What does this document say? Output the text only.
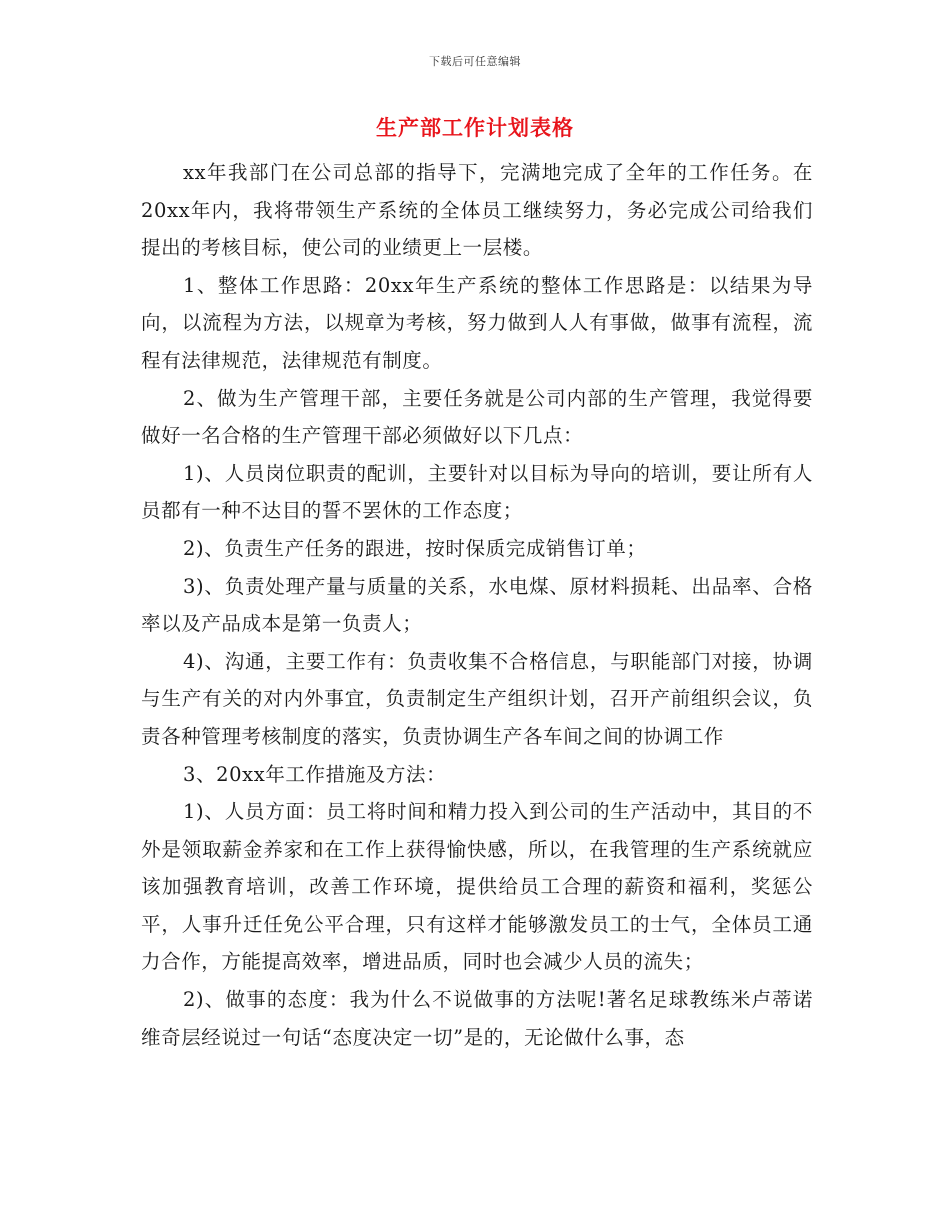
下载后可任意编辑
生产部工作计划表格

xx年我部门在公司总部的指导下，完满地完成了全年的工作任务。在20xx年内，我将带领生产系统的全体员工继续努力，务必完成公司给我们提出的考核目标，使公司的业绩更上一层楼。

1、整体工作思路：20xx年生产系统的整体工作思路是：以结果为导向，以流程为方法，以规章为考核，努力做到人人有事做，做事有流程，流程有法律规范，法律规范有制度。

2、做为生产管理干部，主要任务就是公司内部的生产管理，我觉得要做好一名合格的生产管理干部必须做好以下几点：

1)、人员岗位职责的配训，主要针对以目标为导向的培训，要让所有人员都有一种不达目的誓不罢休的工作态度；

2)、负责生产任务的跟进，按时保质完成销售订单；

3)、负责处理产量与质量的关系，水电煤、原材料损耗、出品率、合格率以及产品成本是第一负责人；

4)、沟通，主要工作有：负责收集不合格信息，与职能部门对接，协调与生产有关的对内外事宜，负责制定生产组织计划，召开产前组织会议，负责各种管理考核制度的落实，负责协调生产各车间之间的协调工作

3、20xx年工作措施及方法：

1)、人员方面：员工将时间和精力投入到公司的生产活动中，其目的不外是领取薪金养家和在工作上获得愉快感，所以，在我管理的生产系统就应该加强教育培训，改善工作环境，提供给员工合理的薪资和福利，奖惩公平，人事升迁任免公平合理，只有这样才能够激发员工的士气，全体员工通力合作，方能提高效率，增进品质，同时也会减少人员的流失；

2)、做事的态度：我为什么不说做事的方法呢!著名足球教练米卢蒂诺维奇层经说过一句话“态度决定一切”是的，无论做什么事，态
